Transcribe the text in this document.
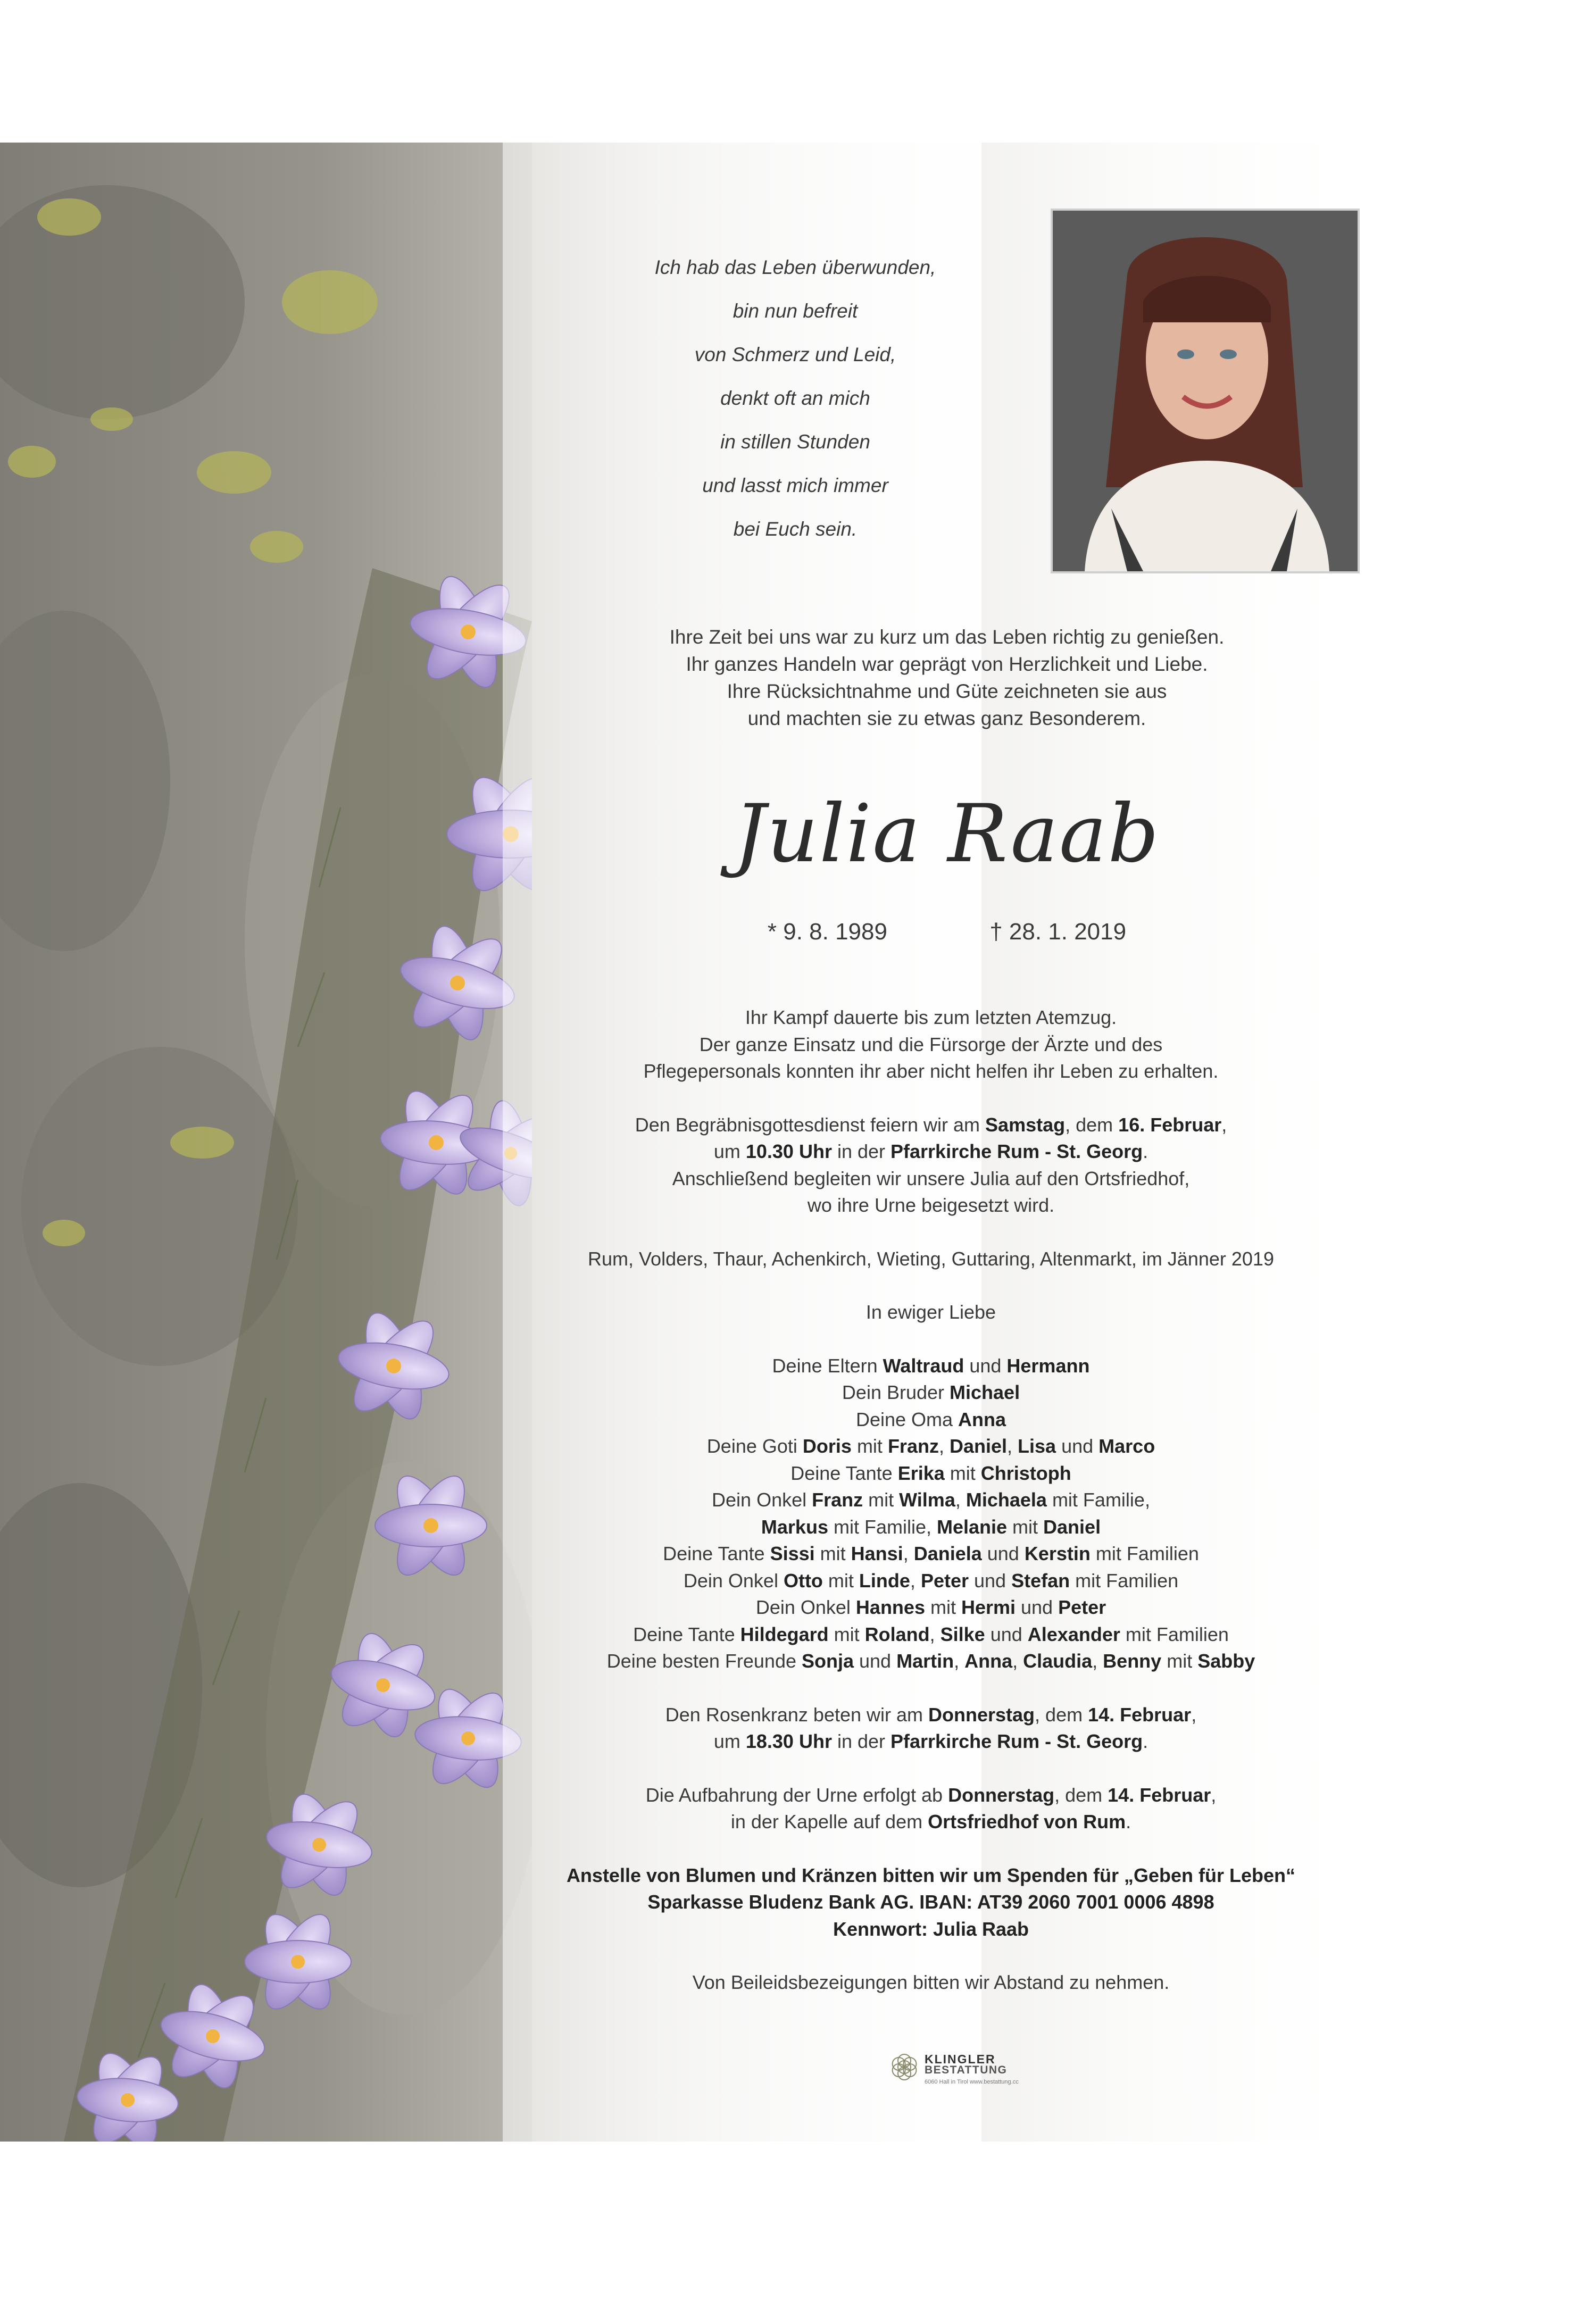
Ich hab das Leben überwunden,
bin nun befreit
von Schmerz und Leid,
denkt oft an mich
in stillen Stunden
und lasst mich immer
bei Euch sein.
Ihre Zeit bei uns war zu kurz um das Leben richtig zu genießen.
Ihr ganzes Handeln war geprägt von Herzlichkeit und Liebe.
Ihre Rücksichtnahme und Güte zeichneten sie aus
und machten sie zu etwas ganz Besonderem.
Julia Raab
* 9. 8. 1989	† 28. 1. 2019

Ihr Kampf dauerte bis zum letzten Atemzug.

Der ganze Einsatz und die Fürsorge der Ärzte und des

Pflegepersonals konnten ihr aber nicht helfen ihr Leben zu erhalten.

Den Begräbnisgottesdienst feiern wir am Samstag, dem 16. Februar,

um 10.30 Uhr in der Pfarrkirche Rum - St. Georg.

Anschließend begleiten wir unsere Julia auf den Ortsfriedhof,

wo ihre Urne beigesetzt wird.

Rum, Volders, Thaur, Achenkirch, Wieting, Guttaring, Altenmarkt, im Jänner 2019

In ewiger Liebe

Deine Eltern Waltraud und Hermann

Dein Bruder Michael

Deine Oma Anna

Deine Goti Doris mit Franz, Daniel, Lisa und Marco

Deine Tante Erika mit Christoph

Dein Onkel Franz mit Wilma, Michaela mit Familie,

Markus mit Familie, Melanie mit Daniel

Deine Tante Sissi mit Hansi, Daniela und Kerstin mit Familien

Dein Onkel Otto mit Linde, Peter und Stefan mit Familien

Dein Onkel Hannes mit Hermi und Peter

Deine Tante Hildegard mit Roland, Silke und Alexander mit Familien

Deine besten Freunde Sonja und Martin, Anna, Claudia, Benny mit Sabby

Den Rosenkranz beten wir am Donnerstag, dem 14. Februar,

um 18.30 Uhr in der Pfarrkirche Rum - St. Georg.

Die Aufbahrung der Urne erfolgt ab Donnerstag, dem 14. Februar,

in der Kapelle auf dem Ortsfriedhof von Rum.

Anstelle von Blumen und Kränzen bitten wir um Spenden für „Geben für Leben“

Sparkasse Bludenz Bank AG. IBAN: AT39 2060 7001 0006 4898

Kennwort: Julia Raab

Von Beileidsbezeigungen bitten wir Abstand zu nehmen.

KLINGLER
BESTATTUNG
6060 Hall in Tirol www.bestattung.cc
